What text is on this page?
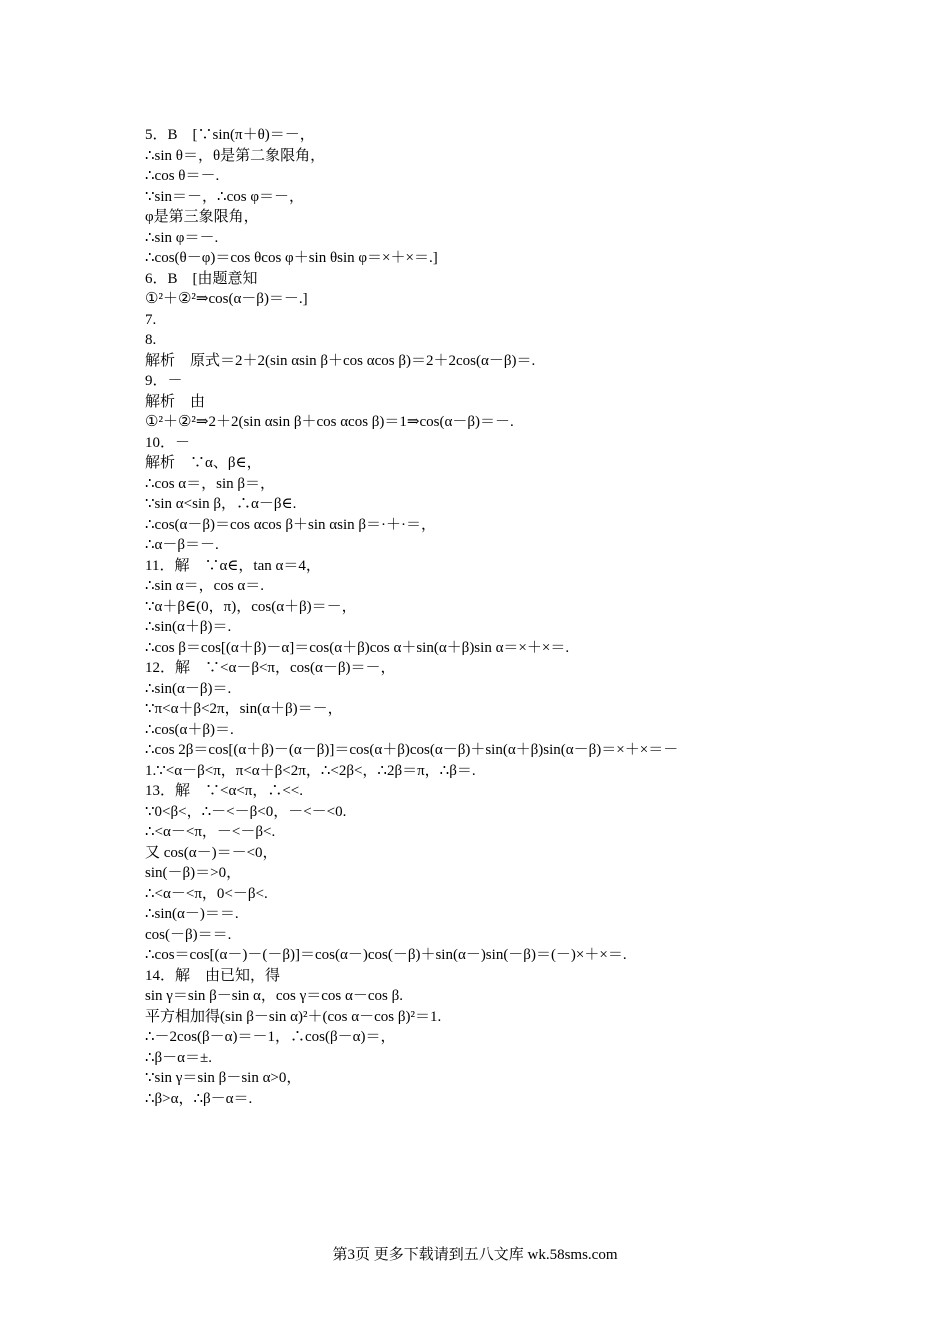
5．B　[∵sin(π＋θ)＝－，
∴sin θ＝，θ是第二象限角，
∴cos θ＝－.
∵sin＝－，∴cos φ＝－，
φ是第三象限角，
∴sin φ＝－.
∴cos(θ－φ)＝cos θcos φ＋sin θsin φ＝×＋×＝.]
6．B　[由题意知
①²＋②²⇒cos(α－β)＝－.]
7.
8.
解析　原式＝2＋2(sin αsin β＋cos αcos β)＝2＋2cos(α－β)＝.
9．－
解析　由
①²＋②²⇒2＋2(sin αsin β＋cos αcos β)＝1⇒cos(α－β)＝－.
10．－
解析　∵α、β∈，
∴cos α＝，sin β＝，
∵sin α<sin β，∴α－β∈.
∴cos(α－β)＝cos αcos β＋sin αsin β＝·＋·＝，
∴α－β＝－.
11．解　∵α∈，tan α＝4，
∴sin α＝，cos α＝.
∵α＋β∈(0，π)，cos(α＋β)＝－，
∴sin(α＋β)＝.
∴cos β＝cos[(α＋β)－α]＝cos(α＋β)cos α＋sin(α＋β)sin α＝×＋×＝.
12．解　∵<α－β<π，cos(α－β)＝－，
∴sin(α－β)＝.
∵π<α＋β<2π，sin(α＋β)＝－，
∴cos(α＋β)＝.
∴cos 2β＝cos[(α＋β)－(α－β)]＝cos(α＋β)cos(α－β)＋sin(α＋β)sin(α－β)＝×＋×＝－
1.∵<α－β<π，π<α＋β<2π，∴<2β<，∴2β＝π，∴β＝.
13．解　∵<α<π，∴<<.
∵0<β<，∴－<－β<0，－<－<0.
∴<α－<π，－<－β<.
又 cos(α－)＝－<0，
sin(－β)＝>0，
∴<α－<π，0<－β<.
∴sin(α－)＝＝.
cos(－β)＝＝.
∴cos＝cos[(α－)－(－β)]＝cos(α－)cos(－β)＋sin(α－)sin(－β)＝(－)×＋×＝.
14．解　由已知，得
sin γ＝sin β－sin α，cos γ＝cos α－cos β.
平方相加得(sin β－sin α)²＋(cos α－cos β)²＝1.
∴－2cos(β－α)＝－1，∴cos(β－α)＝，
∴β－α＝±.
∵sin γ＝sin β－sin α>0，
∴β>α，∴β－α＝.
第3页 更多下载请到五八文库 wk.58sms.com
